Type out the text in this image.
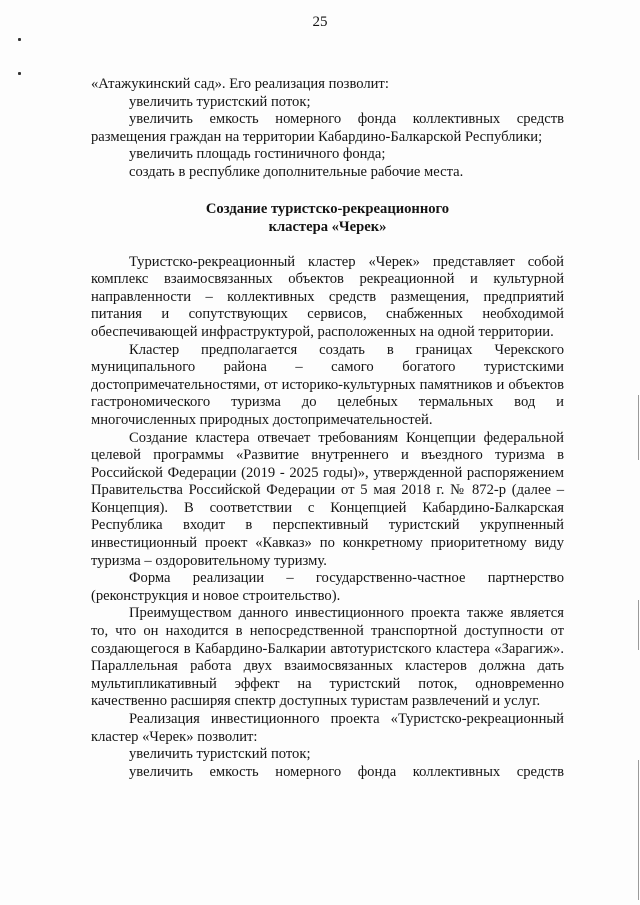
25

«Атажукинский сад». Его реализация позволит:

увеличить туристский поток;

увеличить емкость номерного фонда коллективных средств размещения граждан на территории Кабардино-Балкарской Республики;

увеличить площадь гостиничного фонда;

создать в республике дополнительные рабочие места.

Создание туристско-рекреационного
кластера «Черек»

Туристско-рекреационный кластер «Черек» представляет собой комплекс взаимосвязанных объектов рекреационной и культурной направленности – коллективных средств размещения, предприятий питания и сопутствующих сервисов, снабженных необходимой обеспечивающей инфраструктурой, расположенных на одной территории.

Кластер предполагается создать в границах Черекского муниципального района – самого богатого туристскими достопримечательностями, от историко-культурных памятников и объектов гастрономического туризма до целебных термальных вод и многочисленных природных достопримечательностей.

Создание кластера отвечает требованиям Концепции федеральной целевой программы «Развитие внутреннего и въездного туризма в Российской Федерации (2019 - 2025 годы)», утвержденной распоряжением Правительства Российской Федерации от 5 мая 2018 г. № 872-р (далее – Концепция). В соответствии с Концепцией Кабардино-Балкарская Республика входит в перспективный туристский укрупненный инвестиционный проект «Кавказ» по конкретному приоритетному виду туризма – оздоровительному туризму.

Форма реализации – государственно-частное партнерство (реконструкция и новое строительство).

Преимуществом данного инвестиционного проекта также является то, что он находится в непосредственной транспортной доступности от создающегося в Кабардино-Балкарии автотуристского кластера «Зарагиж». Параллельная работа двух взаимосвязанных кластеров должна дать мультипликативный эффект на туристский поток, одновременно качественно расширяя спектр доступных туристам развлечений и услуг.

Реализация инвестиционного проекта «Туристско-рекреационный кластер «Черек» позволит:

увеличить туристский поток;

увеличить емкость номерного фонда коллективных средств
